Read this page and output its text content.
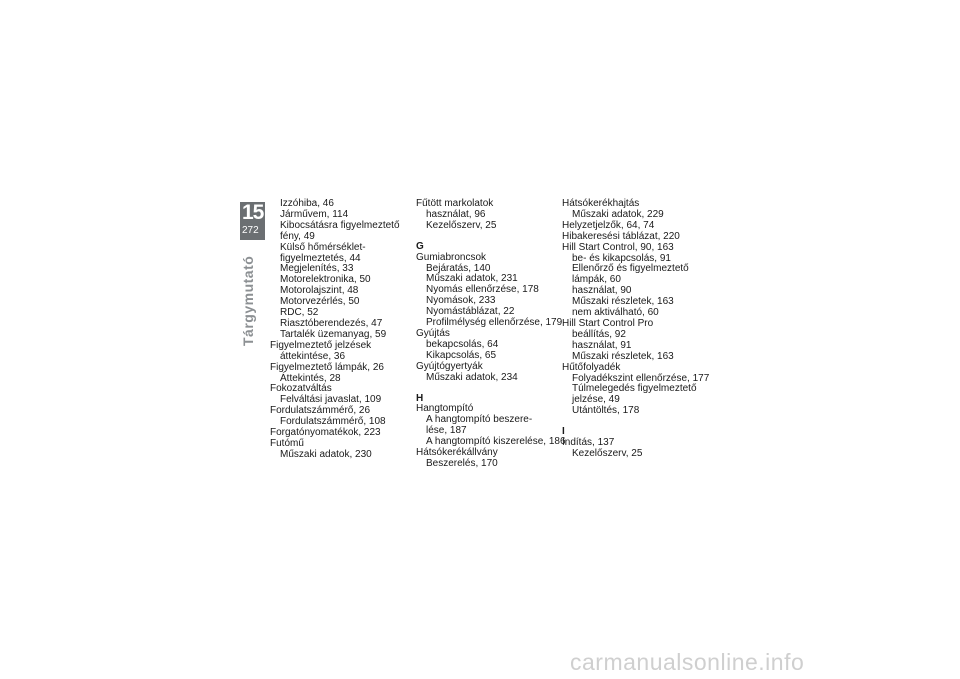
15
272
Tárgymutató
Izzóhiba, 46
Járművem, 114
Kibocsátásra figyelmeztető
fény, 49
Külső hőmérséklet-
figyelmeztetés, 44
Megjelenítés, 33
Motorelektronika, 50
Motorolajszint, 48
Motorvezérlés, 50
RDC, 52
Riasztóberendezés, 47
Tartalék üzemanyag, 59
Figyelmeztető jelzések
áttekintése, 36
Figyelmeztető lámpák, 26
Áttekintés, 28
Fokozatváltás
Felváltási javaslat, 109
Fordulatszámmérő, 26
Fordulatszámmérő, 108
Forgatónyomatékok, 223
Futómű
Műszaki adatok, 230
Fűtött markolatok
használat, 96
Kezelőszerv, 25
G
Gumiabroncsok
Bejáratás, 140
Műszaki adatok, 231
Nyomás ellenőrzése, 178
Nyomások, 233
Nyomástáblázat, 22
Profilmélység ellenőrzése, 179
Gyújtás
bekapcsolás, 64
Kikapcsolás, 65
Gyújtógyertyák
Műszaki adatok, 234
H
Hangtompító
A hangtompító beszere-
lése, 187
A hangtompító kiszerelése, 186
Hátsókerékállvány
Beszerelés, 170
Hátsókerékhajtás
Műszaki adatok, 229
Helyzetjelzők, 64, 74
Hibakeresési táblázat, 220
Hill Start Control, 90, 163
be- és kikapcsolás, 91
Ellenőrző és figyelmeztető
lámpák, 60
használat, 90
Műszaki részletek, 163
nem aktiválható, 60
Hill Start Control Pro
beállítás, 92
használat, 91
Műszaki részletek, 163
Hűtőfolyadék
Folyadékszint ellenőrzése, 177
Túlmelegedés figyelmeztető
jelzése, 49
Utántöltés, 178
I
Indítás, 137
Kezelőszerv, 25
carmanualsonline.info
